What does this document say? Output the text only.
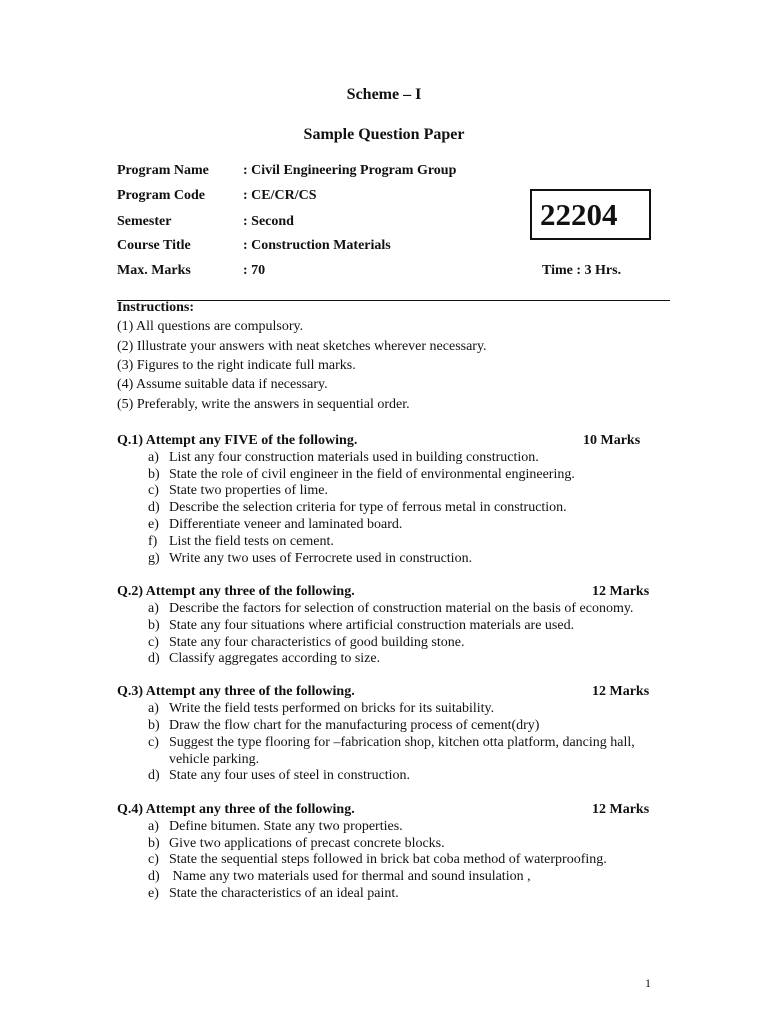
Scheme – I
Sample Question Paper
Program Name : Civil Engineering Program Group
Program Code	: CE/CR/CS
Semester	: Second
Course Title	: Construction Materials
Max. Marks	: 70
22204
Time : 3 Hrs.
Instructions:
(1) All questions are compulsory.
(2) Illustrate your answers with neat sketches wherever necessary.
(3) Figures to the right indicate full marks.
(4) Assume suitable data if necessary.
(5) Preferably, write the answers in sequential order.
Q.1) Attempt any FIVE of the following.	10 Marks
a) List any four construction materials used in building construction.
b) State the role of civil engineer in the field of environmental engineering.
c) State two properties of lime.
d) Describe the selection criteria for type of ferrous metal in construction.
e) Differentiate veneer and laminated board.
f) List the field tests on cement.
g) Write any two uses of Ferrocrete used in construction.
Q.2) Attempt any three of the following.	12 Marks
a) Describe the factors for selection of construction material on the basis of economy.
b) State any four situations where artificial construction materials are used.
c) State any four characteristics of good building stone.
d) Classify aggregates according to size.
Q.3) Attempt any three of the following.	12 Marks
a) Write the field tests performed on bricks for its suitability.
b) Draw the flow chart for the manufacturing process of cement(dry)
c) Suggest the type flooring for –fabrication shop, kitchen otta platform, dancing hall,
vehicle parking.
d) State any four uses of steel in construction.
Q.4) Attempt any three of the following.	12 Marks
a) Define bitumen. State any two properties.
b) Give two applications of precast concrete blocks.
c) State the sequential steps followed in brick bat coba method of waterproofing.
d) Name any two materials used for thermal and sound insulation ,
e) State the characteristics of an ideal paint.
1
